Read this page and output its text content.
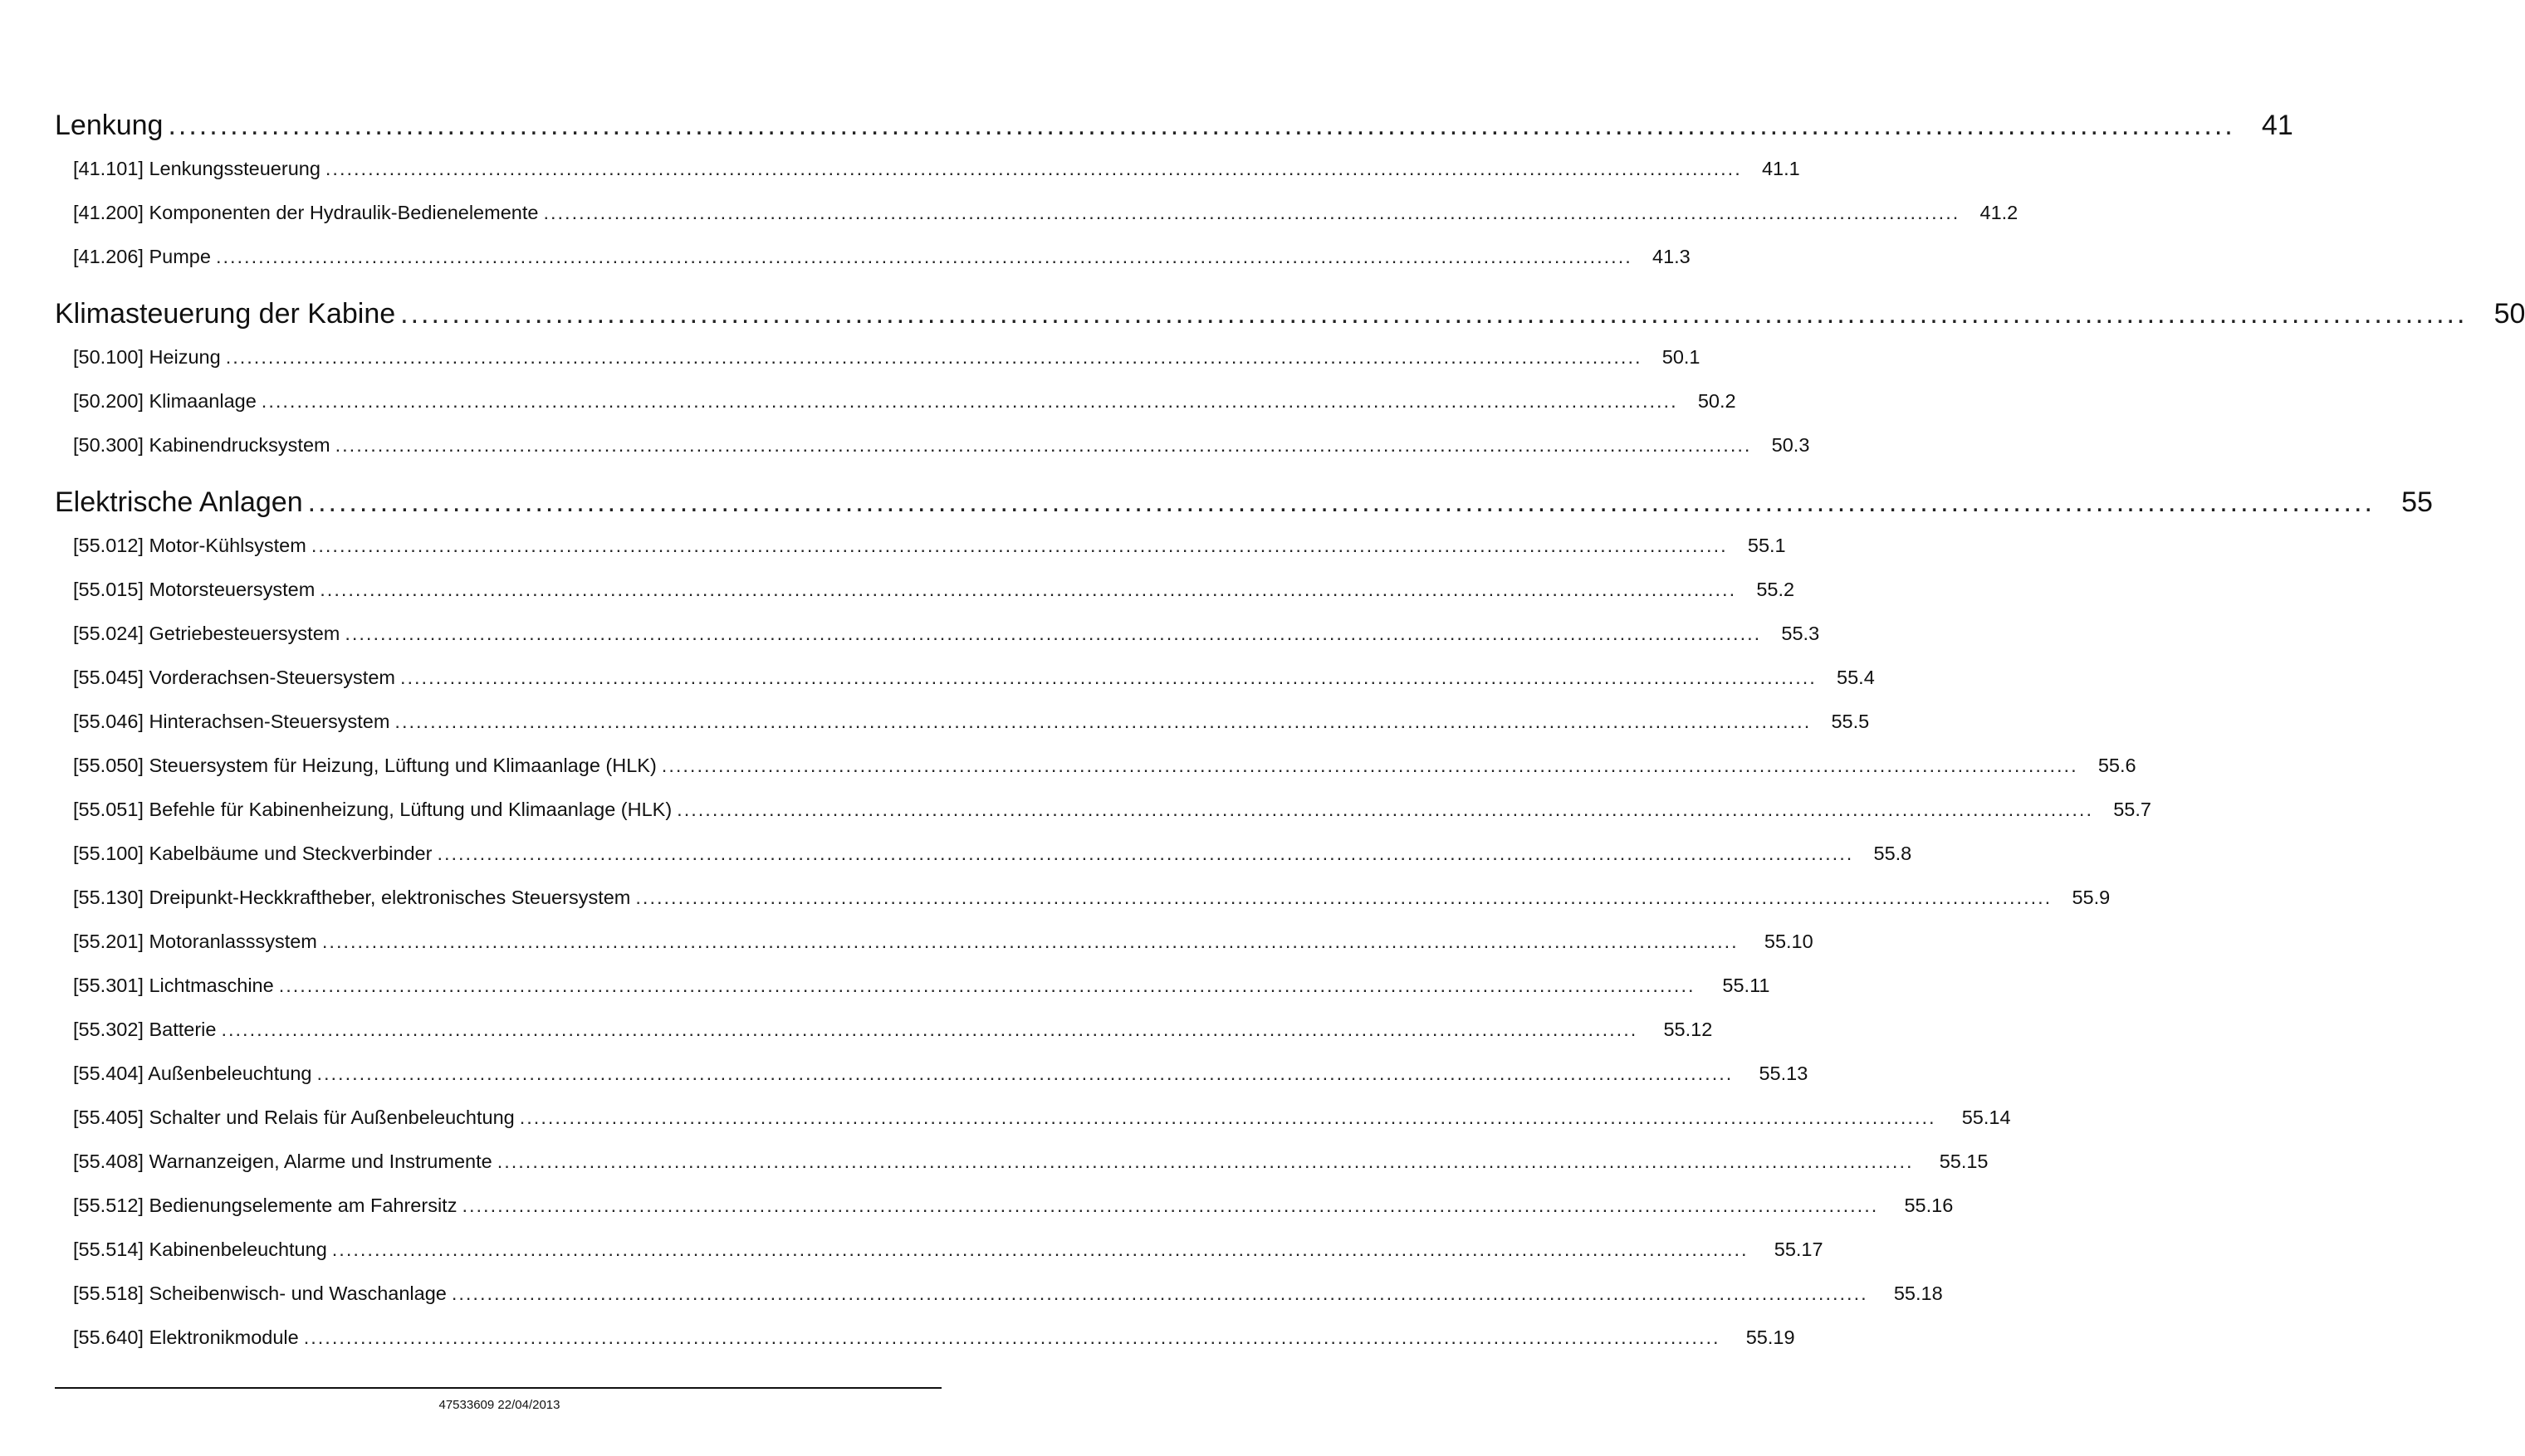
Lenkung ........................................................................................................................................................................................................ 41
[41.101] Lenkungssteuerung ........................................................................................................................................................................................................	41.1
[41.200] Komponenten der Hydraulik-Bedienelemente ........................................................................................................................................................................................................	41.2
[41.206] Pumpe ........................................................................................................................................................................................................	41.3
Klimasteuerung der Kabine ........................................................................................................................................................................................................ 50
[50.100] Heizung ........................................................................................................................................................................................................	50.1
[50.200] Klimaanlage ........................................................................................................................................................................................................	50.2
[50.300] Kabinendrucksystem ........................................................................................................................................................................................................	50.3
Elektrische Anlagen ........................................................................................................................................................................................................ 55
[55.012] Motor-Kühlsystem ........................................................................................................................................................................................................	55.1
[55.015] Motorsteuersystem ........................................................................................................................................................................................................	55.2
[55.024] Getriebesteuersystem ........................................................................................................................................................................................................	55.3
[55.045] Vorderachsen-Steuersystem ........................................................................................................................................................................................................	55.4
[55.046] Hinterachsen-Steuersystem ........................................................................................................................................................................................................	55.5
[55.050] Steuersystem für Heizung, Lüftung und Klimaanlage (HLK) ........................................................................................................................................................................................................	55.6
[55.051] Befehle für Kabinenheizung, Lüftung und Klimaanlage (HLK) ........................................................................................................................................................................................................	55.7
[55.100] Kabelbäume und Steckverbinder ........................................................................................................................................................................................................	55.8
[55.130] Dreipunkt-Heckkraftheber, elektronisches Steuersystem ........................................................................................................................................................................................................	55.9
[55.201] Motoranlasssystem ........................................................................................................................................................................................................	55.10
[55.301] Lichtmaschine ........................................................................................................................................................................................................	55.11
[55.302] Batterie ........................................................................................................................................................................................................	55.12
[55.404] Außenbeleuchtung ........................................................................................................................................................................................................	55.13
[55.405] Schalter und Relais für Außenbeleuchtung ........................................................................................................................................................................................................	55.14
[55.408] Warnanzeigen, Alarme und Instrumente ........................................................................................................................................................................................................	55.15
[55.512] Bedienungselemente am Fahrersitz ........................................................................................................................................................................................................	55.16
[55.514] Kabinenbeleuchtung ........................................................................................................................................................................................................	55.17
[55.518] Scheibenwisch- und Waschanlage ........................................................................................................................................................................................................	55.18
[55.640] Elektronikmodule ........................................................................................................................................................................................................	55.19
47533609 22/04/2013
